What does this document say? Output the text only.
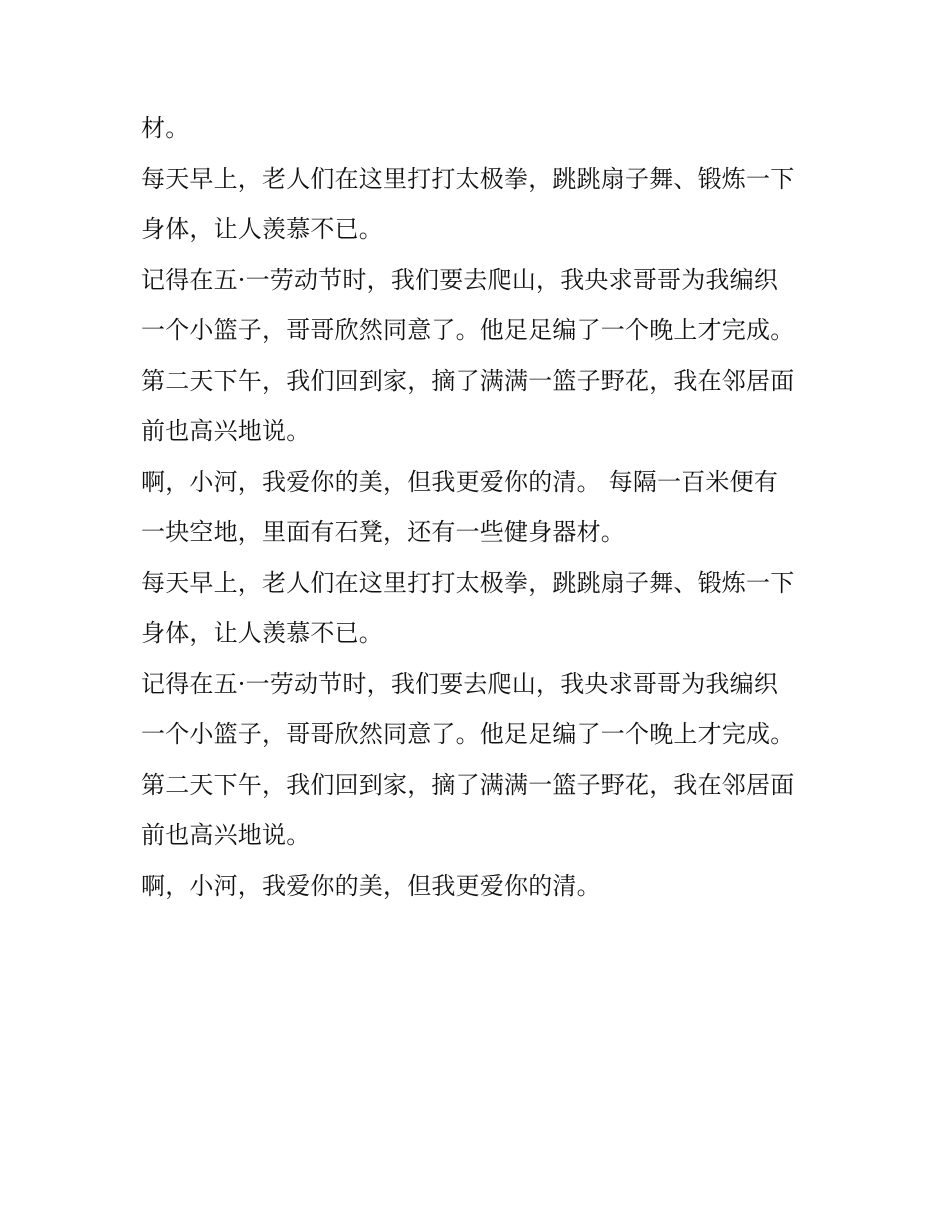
材。
每天早上，老人们在这里打打太极拳，跳跳扇子舞、锻炼一下
身体，让人羡慕不已。
记得在五·一劳动节时，我们要去爬山，我央求哥哥为我编织
一个小篮子，哥哥欣然同意了。他足足编了一个晚上才完成。
第二天下午，我们回到家，摘了满满一篮子野花，我在邻居面
前也高兴地说。
啊，小河，我爱你的美，但我更爱你的清。 每隔一百米便有
一块空地，里面有石凳，还有一些健身器材。
每天早上，老人们在这里打打太极拳，跳跳扇子舞、锻炼一下
身体，让人羡慕不已。
记得在五·一劳动节时，我们要去爬山，我央求哥哥为我编织
一个小篮子，哥哥欣然同意了。他足足编了一个晚上才完成。
第二天下午，我们回到家，摘了满满一篮子野花，我在邻居面
前也高兴地说。
啊，小河，我爱你的美，但我更爱你的清。
